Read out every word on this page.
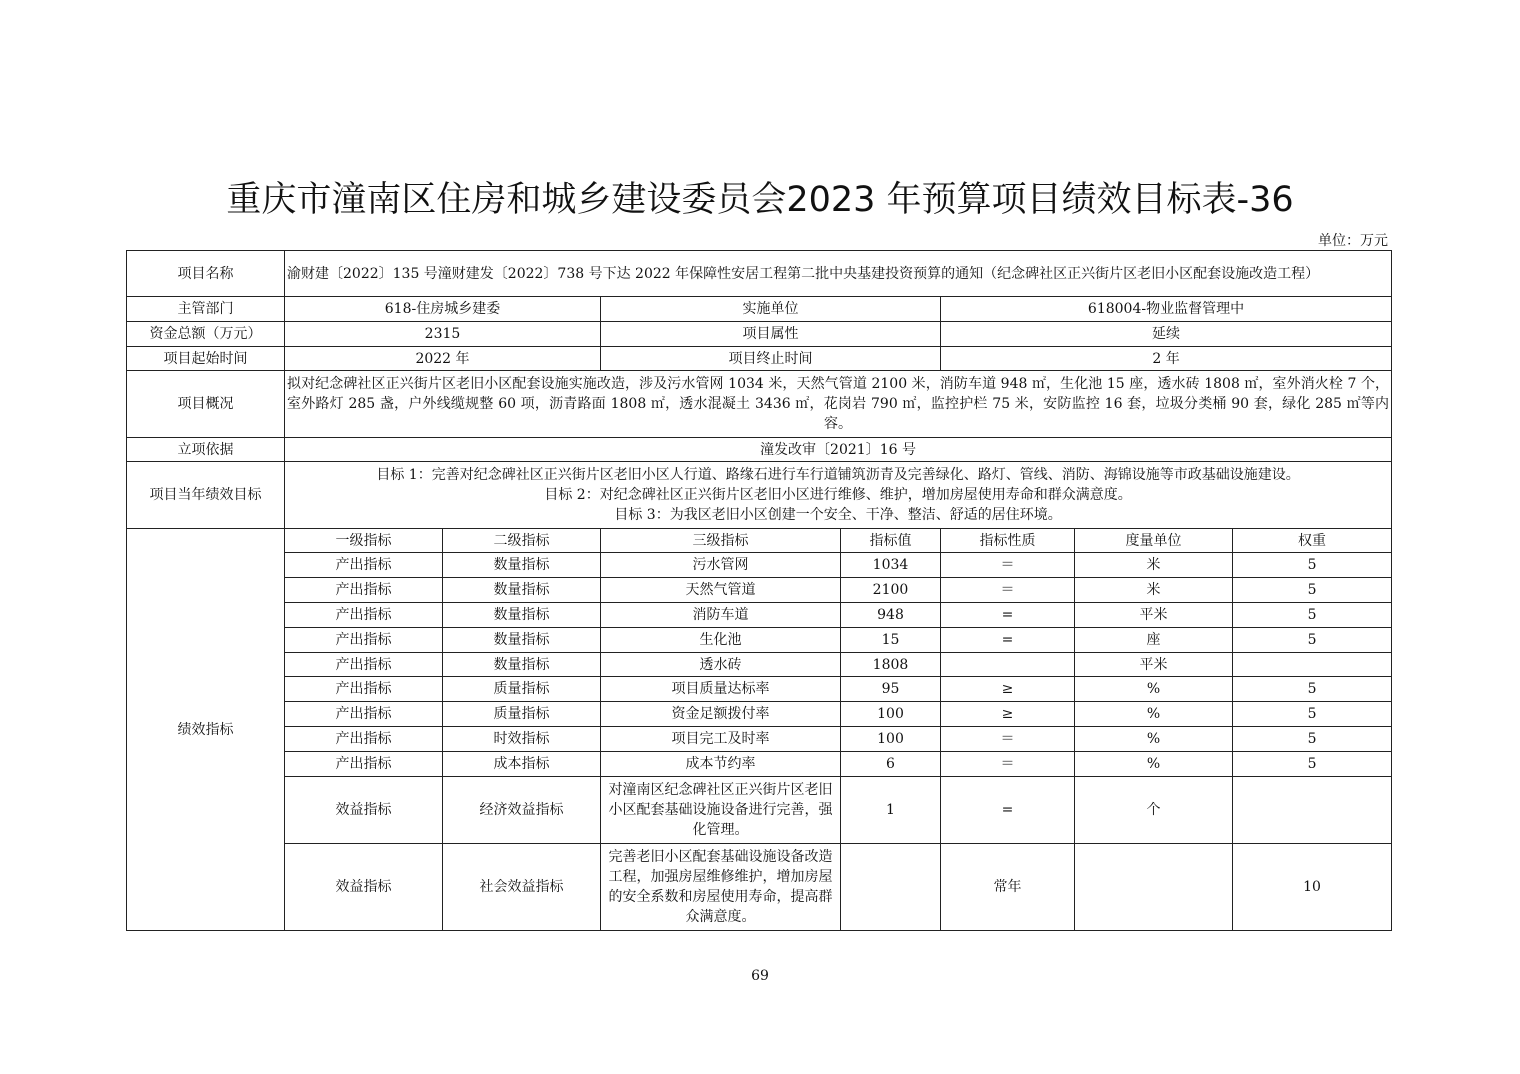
重庆市潼南区住房和城乡建设委员会2023 年预算项目绩效目标表-36
单位：万元
项目名称	渝财建〔2022〕135 号潼财建发〔2022〕738 号下达 2022 年保障性安居工程第二批中央基建投资预算的通知（纪念碑社区正兴街片区老旧小区配套设施改造工程）						
主管部门	618-住房城乡建委		实施单位		618004-物业监督管理中		
资金总额（万元）	2315		项目属性		延续		
项目起始时间	2022 年		项目终止时间		2 年		
项目概况	拟对纪念碑社区正兴街片区老旧小区配套设施实施改造，涉及污水管网 1034 米，天然气管道 2100 米，消防车道 948 ㎡，生化池 15 座，透水砖 1808 ㎡，室外消火栓 7 个，室外路灯 285 盏，户外线缆规整 60 项，沥青路面 1808 ㎡，透水混凝土 3436 ㎡，花岗岩 790 ㎡，监控护栏 75 米，安防监控 16 套，垃圾分类桶 90 套，绿化 285 ㎡等内容。						
立项依据	潼发改审〔2021〕16 号						
项目当年绩效目标	目标 1：完善对纪念碑社区正兴街片区老旧小区人行道、路缘石进行车行道铺筑沥青及完善绿化、路灯、管线、消防、海锦设施等市政基础设施建设。
目标 2：对纪念碑社区正兴街片区老旧小区进行维修、维护，增加房屋使用寿命和群众满意度。
目标 3：为我区老旧小区创建一个安全、干净、整洁、舒适的居住环境。						

绩效指标	一级指标	二级指标	三级指标	指标值	指标性质	度量单位	权重
	产出指标	数量指标	污水管网	1034	＝	米	5
	产出指标	数量指标	天然气管道	2100	＝	米	5
	产出指标	数量指标	消防车道	948	=	平米	5
	产出指标	数量指标	生化池	15	=	座	5
	产出指标	数量指标	透水砖	1808		平米	
	产出指标	质量指标	项目质量达标率	95	≥	%	5
	产出指标	质量指标	资金足额拨付率	100	≥	%	5
	产出指标	时效指标	项目完工及时率	100	＝	%	5
	产出指标	成本指标	成本节约率	6	＝	%	5
	效益指标	经济效益指标	对潼南区纪念碑社区正兴街片区老旧小区配套基础设施设备进行完善，强化管理。	1	=	个	
	效益指标	社会效益指标	完善老旧小区配套基础设施设备改造工程，加强房屋维修维护，增加房屋的安全系数和房屋使用寿命，提高群众满意度。		常年		10
69
